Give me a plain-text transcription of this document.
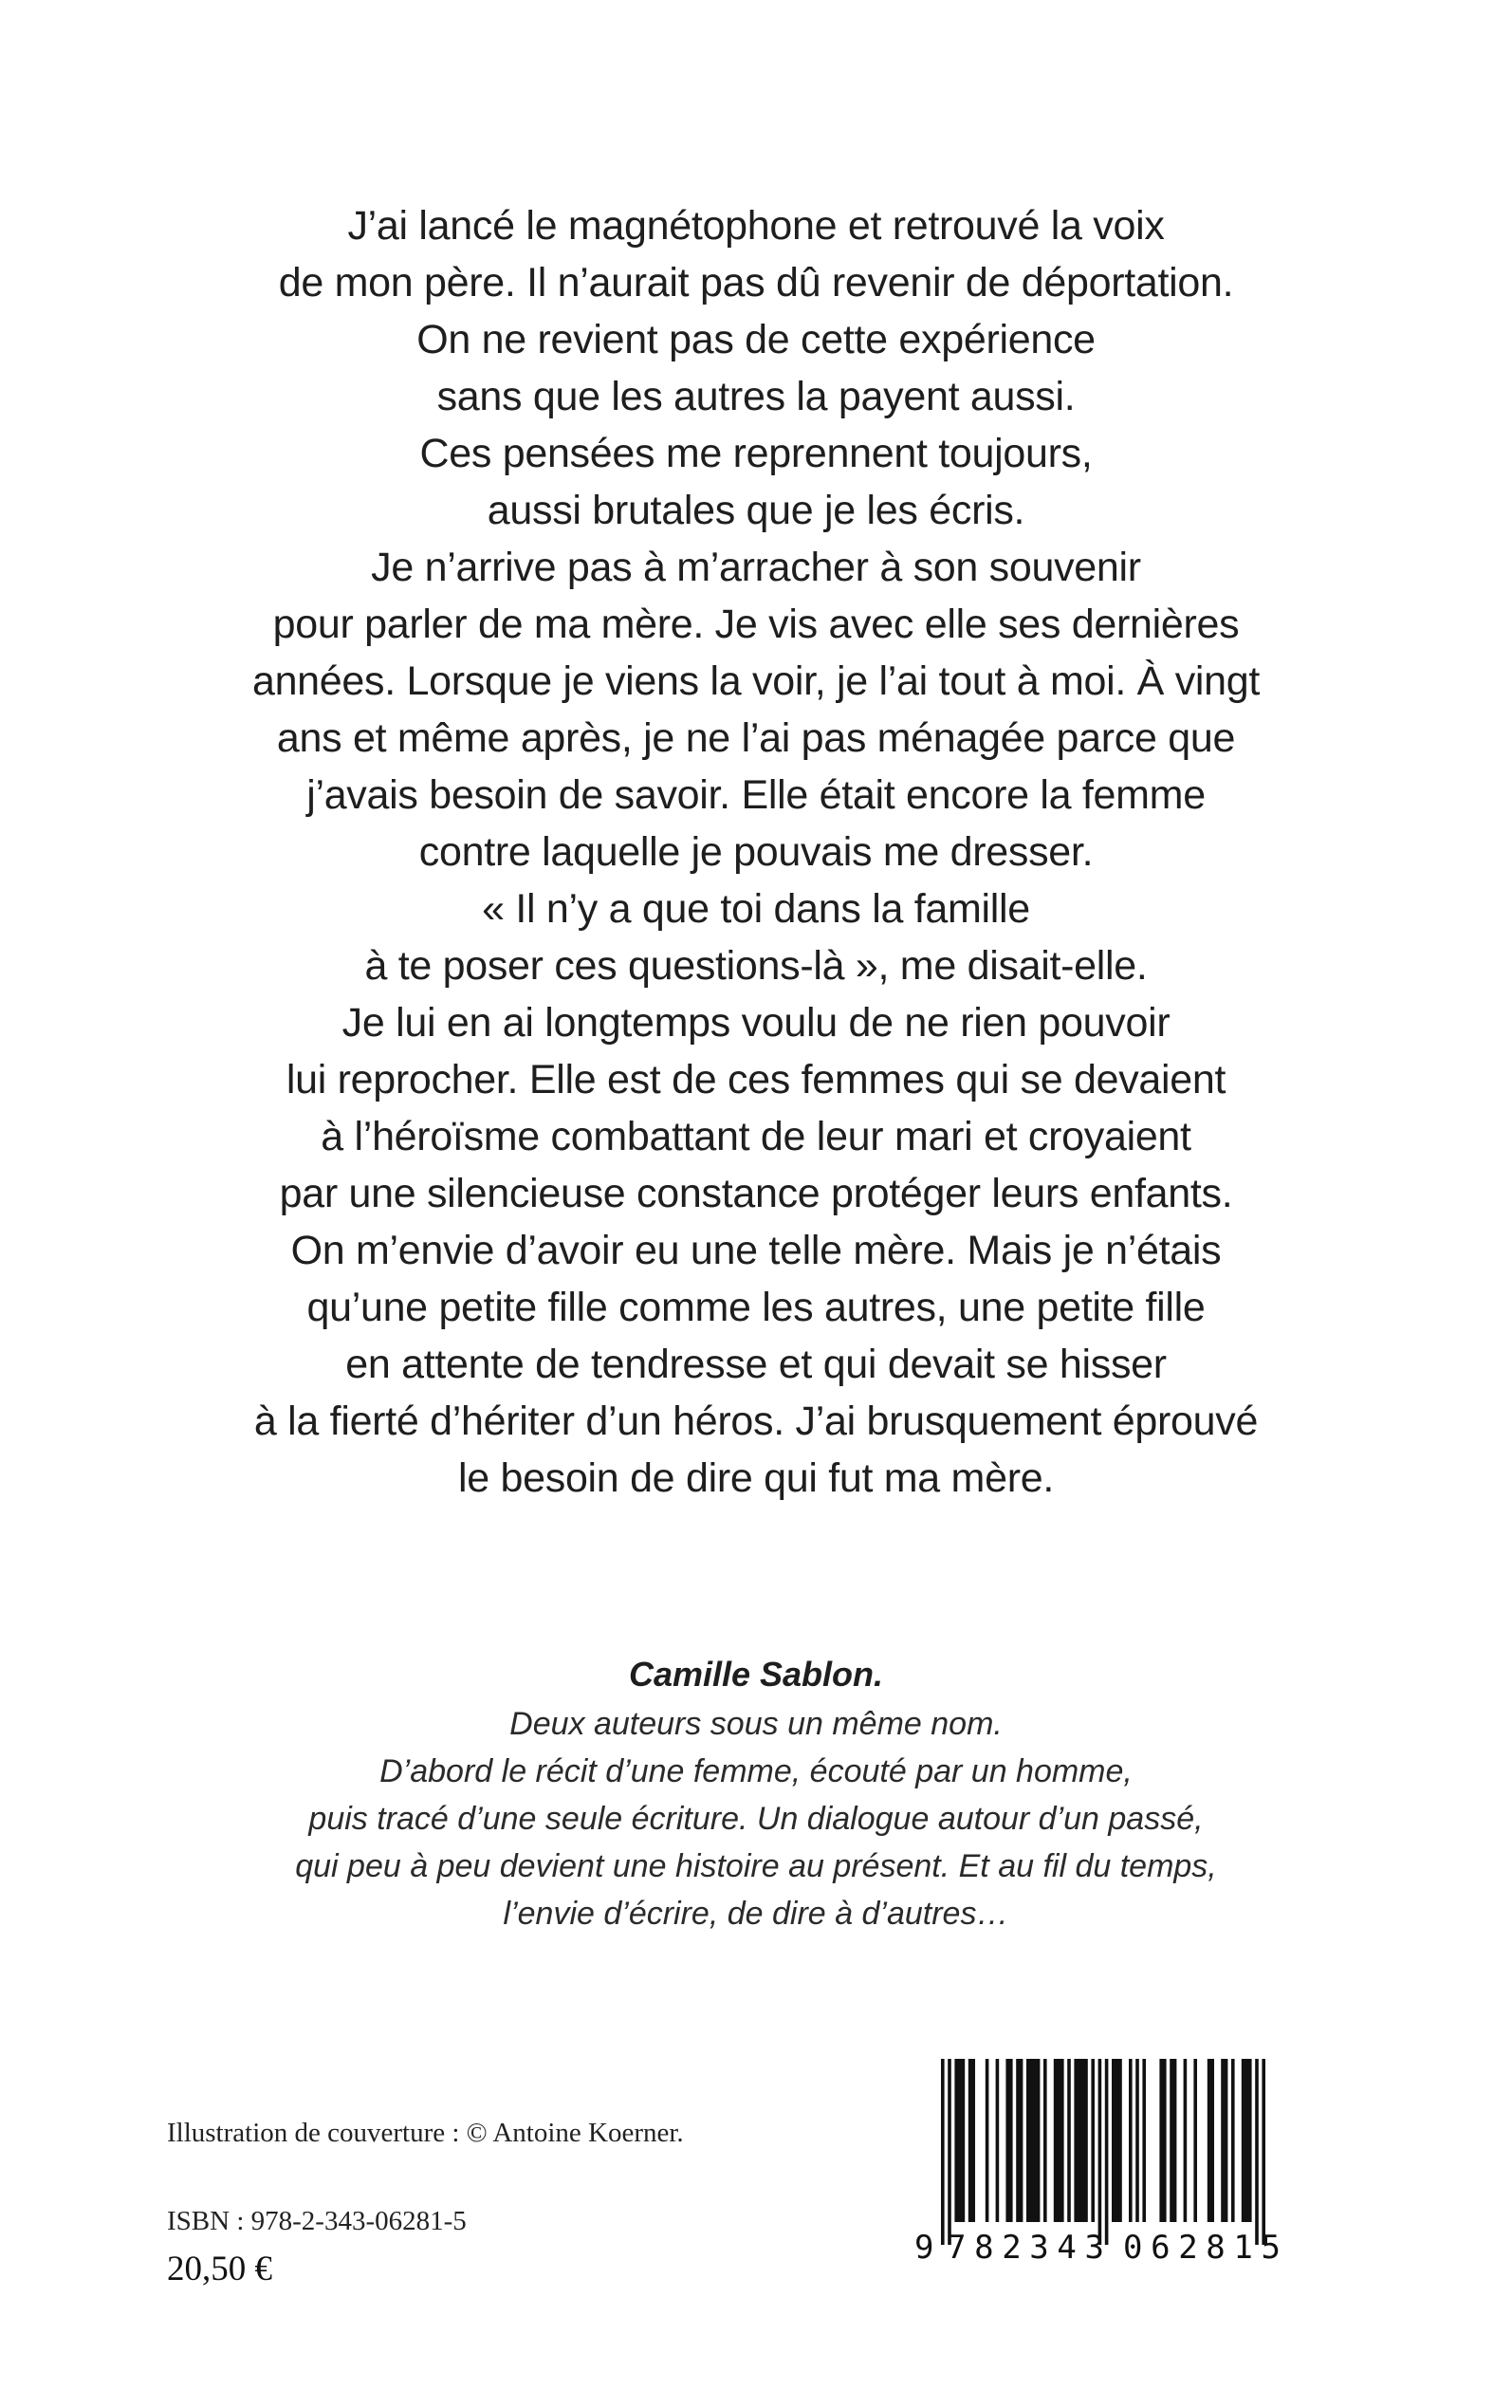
J’ai lancé le magnétophone et retrouvé la voix
de mon père. Il n’aurait pas dû revenir de déportation.
On ne revient pas de cette expérience
sans que les autres la payent aussi.
Ces pensées me reprennent toujours,
aussi brutales que je les écris.
Je n’arrive pas à m’arracher à son souvenir
pour parler de ma mère. Je vis avec elle ses dernières
années. Lorsque je viens la voir, je l’ai tout à moi. À vingt
ans et même après, je ne l’ai pas ménagée parce que
j’avais besoin de savoir. Elle était encore la femme
contre laquelle je pouvais me dresser.
« Il n’y a que toi dans la famille
à te poser ces questions-là », me disait-elle.
Je lui en ai longtemps voulu de ne rien pouvoir
lui reprocher. Elle est de ces femmes qui se devaient
à l’héroïsme combattant de leur mari et croyaient
par une silencieuse constance protéger leurs enfants.
On m’envie d’avoir eu une telle mère. Mais je n’étais
qu’une petite fille comme les autres, une petite fille
en attente de tendresse et qui devait se hisser
à la fierté d’hériter d’un héros. J’ai brusquement éprouvé
le besoin de dire qui fut ma mère.
Camille Sablon.
Deux auteurs sous un même nom.
D’abord le récit d’une femme, écouté par un homme,
puis tracé d’une seule écriture. Un dialogue autour d’un passé,
qui peu à peu devient une histoire au présent. Et au fil du temps,
l’envie d’écrire, de dire à d’autres…
Illustration de couverture : © Antoine Koerner.
ISBN : 978-2-343-06281-5
20,50 €
9 782343 062815
